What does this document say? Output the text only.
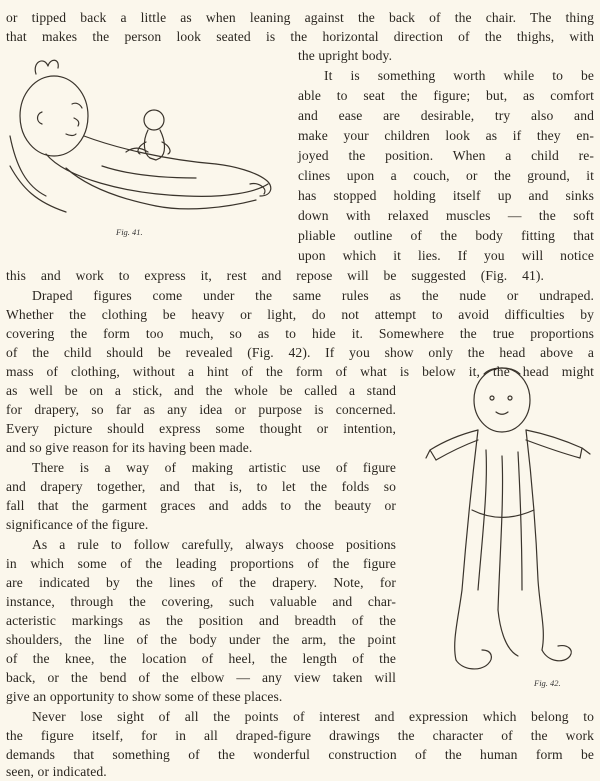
Fig. 41.
Fig. 42.
or tipped back a little as when leaning against the back of the chair. The thing
that makes the person look seated is the horizontal direction of the thighs, with
the upright body.
It is something worth while to be
able to seat the figure; but, as comfort
and ease are desirable, try also and
make your children look as if they en-
joyed the position. When a child re-
clines upon a couch, or the ground, it
has stopped holding itself up and sinks
down with relaxed muscles — the soft
pliable outline of the body fitting that
upon which it lies. If you will notice
this and work to express it, rest and repose will be suggested (Fig. 41).
Draped figures come under the same rules as the nude or undraped.
Whether the clothing be heavy or light, do not attempt to avoid difficulties by
covering the form too much, so as to hide it. Somewhere the true proportions
of the child should be revealed (Fig. 42). If you show only the head above a
mass of clothing, without a hint of the form of what is below it, the head might
as well be on a stick, and the whole be called a stand
for drapery, so far as any idea or purpose is concerned.
Every picture should express some thought or intention,
and so give reason for its having been made.
There is a way of making artistic use of figure
and drapery together, and that is, to let the folds so
fall that the garment graces and adds to the beauty or
significance of the figure.
As a rule to follow carefully, always choose positions
in which some of the leading proportions of the figure
are indicated by the lines of the drapery. Note, for
instance, through the covering, such valuable and char-
acteristic markings as the position and breadth of the
shoulders, the line of the body under the arm, the point
of the knee, the location of heel, the length of the
back, or the bend of the elbow — any view taken will
give an opportunity to show some of these places.
Never lose sight of all the points of interest and expression which belong to
the figure itself, for in all draped-figure drawings the character of the work
demands that something of the wonderful construction of the human form be
seen, or indicated.
